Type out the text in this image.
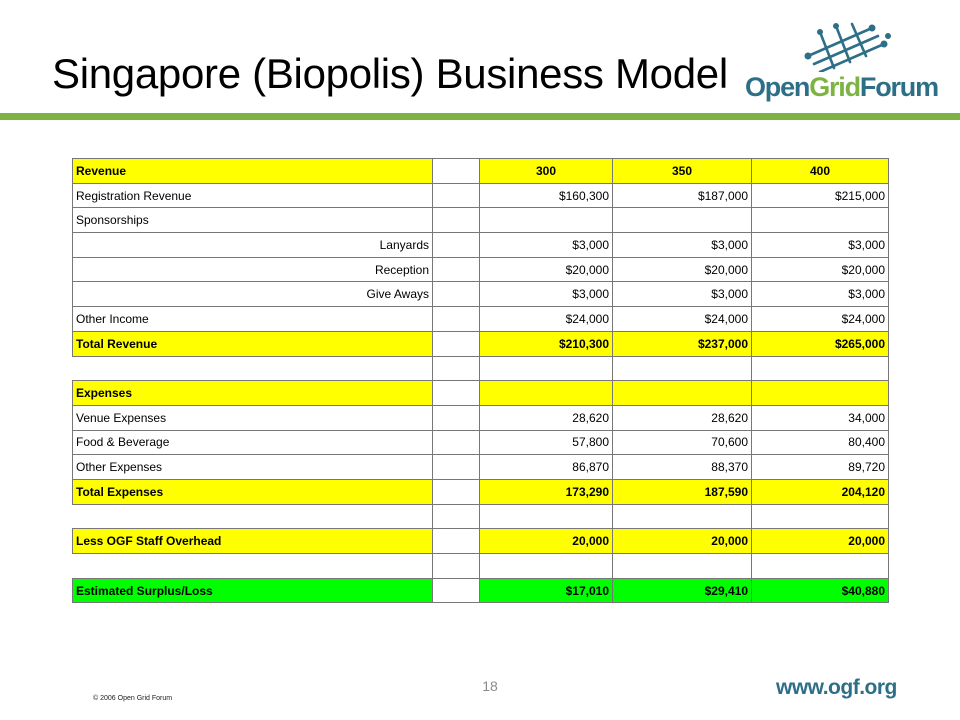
Singapore (Biopolis) Business Model OpenGridForum
Revenue		300	350	400
Registration Revenue		$160,300	$187,000	$215,000
Sponsorships				
Lanyards		$3,000	$3,000	$3,000
Reception		$20,000	$20,000	$20,000
Give Aways		$3,000	$3,000	$3,000
Other Income		$24,000	$24,000	$24,000
Total Revenue		$210,300	$237,000	$265,000

Expenses				
Venue Expenses		28,620	28,620	34,000
Food & Beverage		57,800	70,600	80,400
Other Expenses		86,870	88,370	89,720
Total Expenses		173,290	187,590	204,120

Less OGF Staff Overhead		20,000	20,000	20,000

Estimated Surplus/Loss		$17,010	$29,410	$40,880
© 2006 Open Grid Forum
18	www.ogf.org
